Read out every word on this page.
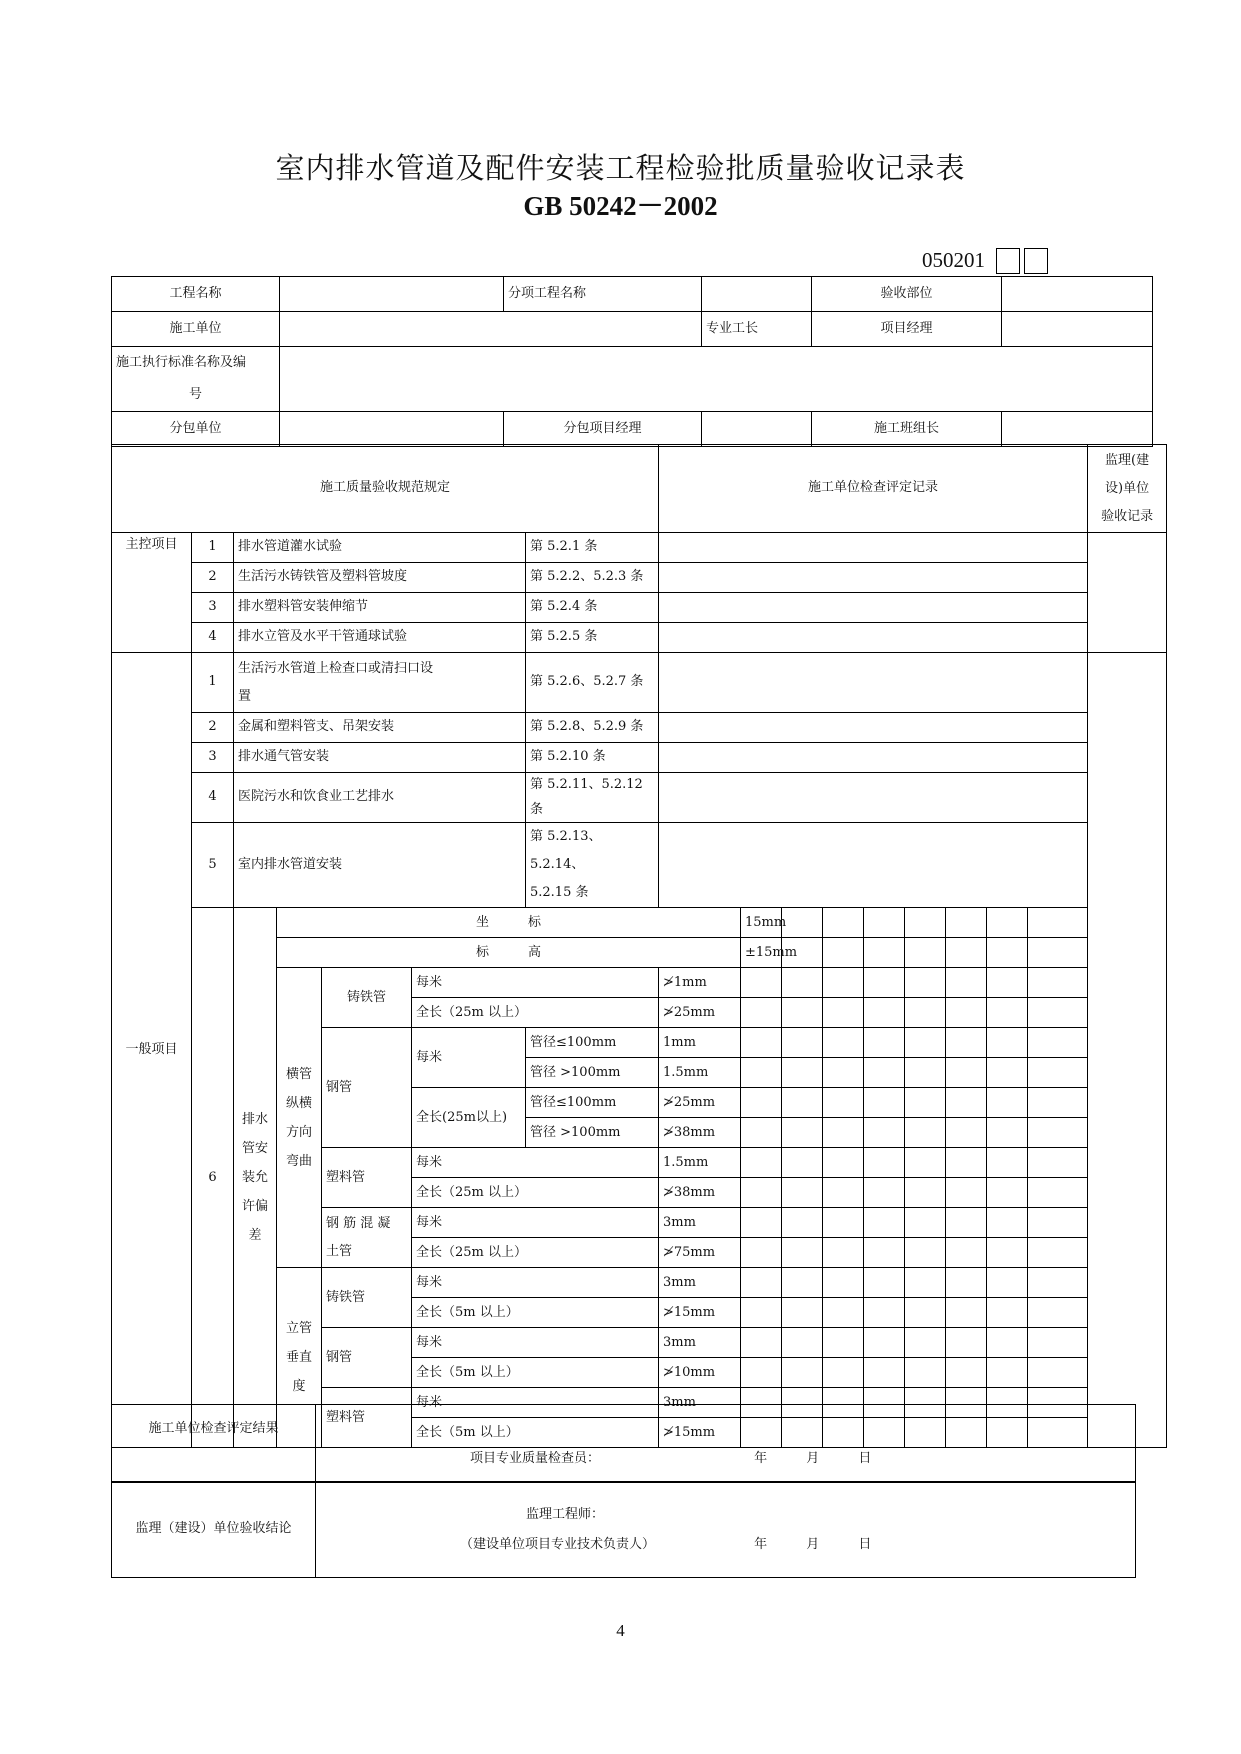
室内排水管道及配件安装工程检验批质量验收记录表
GB 50242－2002
050201
工程名称		分项工程名称		验收部位	
施工单位			专业工长	项目经理	

施工执行标准名称及编
号					

分包单位		分包项目经理		施工班组长	
施工质量验收规范规定							施工单位检查评定记录									监理(建
设)单位
验收记录	

主控项目	1	排水管道灌水试验				第 5.2.1 条											
	2	生活污水铸铁管及塑料管坡度				第 5.2.2、5.2.3 条											
	3	排水塑料管安装伸缩节				第 5.2.4 条											
	4	排水立管及水平干管通球试验				第 5.2.5 条											
一般项目	1	生活污水管道上检查口或清扫口设
置				第 5.2.6、5.2.7 条											
	2	金属和塑料管支、吊架安装				第 5.2.8、5.2.9 条											
	3	排水通气管安装				第 5.2.10 条											
	4	医院污水和饮食业工艺排水				第 5.2.11、5.2.12 条											
	5	室内排水管道安装				第 5.2.13、5.2.14、
5.2.15 条											

	6	排水管安装允许偏差	坐　　　标					15mm									
			标　　　高					±15mm									
			横管纵横方向弯曲	铸铁管	每米		≯1mm										
					全长（25m 以上）		≯25mm										
				钢管	每米	管径≤100mm	1mm										
						管径 >100mm	1.5mm										
					全长(25m以上)	管径≤100mm	≯25mm										
						管径 >100mm	≯38mm										
				塑料管	每米		1.5mm										
					全长（25m 以上）		≯38mm										

				钢 筋 混 凝
土管	每米		3mm										
					全长（25m 以上）		≯75mm										
			立管垂直度	铸铁管	每米		3mm										
					全长（5m 以上）		≯15mm										
				钢管	每米		3mm										
					全长（5m 以上）		≯10mm										
				塑料管	每米		3mm										
					全长（5m 以上）		≯15mm										
施工单位检查评定结果	项目专业质量检查员：	年	月	日
监理（建设）单位验收结论	
监理工程师：
（建设单位项目专业技术负责人）	年	月	日
4
